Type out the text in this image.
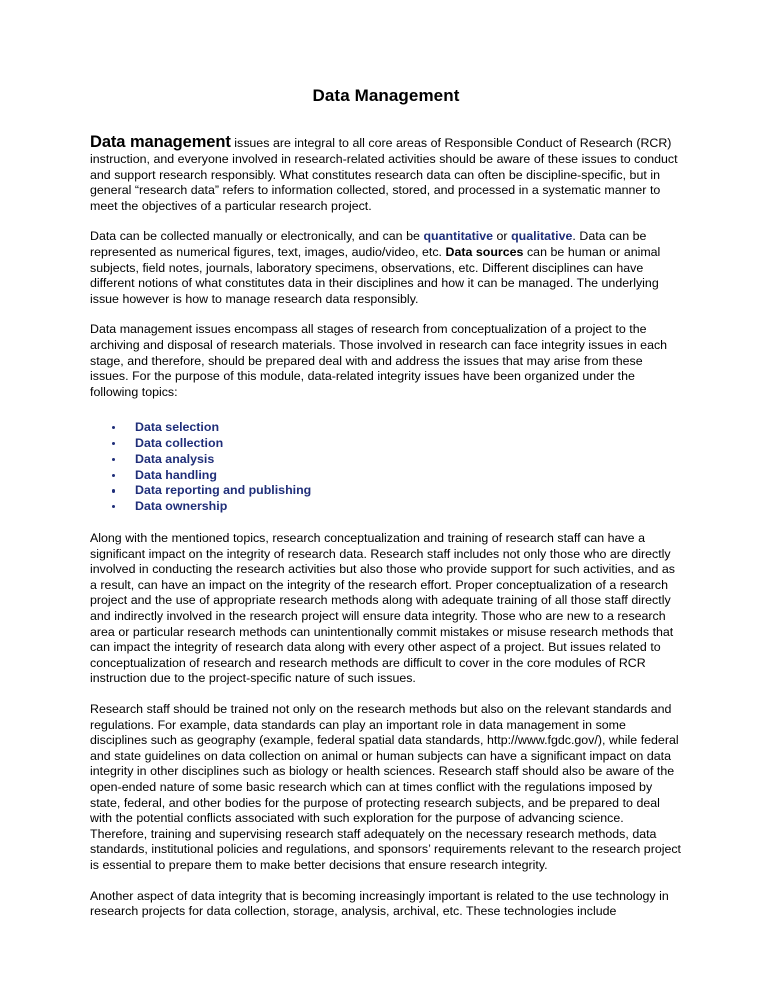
Data Management

Data management issues are integral to all core areas of Responsible Conduct of Research (RCR) instruction, and everyone involved in research-related activities should be aware of these issues to conduct and support research responsibly. What constitutes research data can often be discipline-specific, but in general “research data” refers to information collected, stored, and processed in a systematic manner to meet the objectives of a particular research project.

Data can be collected manually or electronically, and can be quantitative or qualitative. Data can be represented as numerical figures, text, images, audio/video, etc. Data sources can be human or animal subjects, field notes, journals, laboratory specimens, observations, etc. Different disciplines can have different notions of what constitutes data in their disciplines and how it can be managed. The underlying issue however is how to manage research data responsibly.

Data management issues encompass all stages of research from conceptualization of a project to the archiving and disposal of research materials. Those involved in research can face integrity issues in each stage, and therefore, should be prepared deal with and address the issues that may arise from these issues. For the purpose of this module, data-related integrity issues have been organized under the following topics:

Data selection
Data collection
Data analysis
Data handling
Data reporting and publishing
Data ownership

Along with the mentioned topics, research conceptualization and training of research staff can have a significant impact on the integrity of research data. Research staff includes not only those who are directly involved in conducting the research activities but also those who provide support for such activities, and as a result, can have an impact on the integrity of the research effort. Proper conceptualization of a research project and the use of appropriate research methods along with adequate training of all those staff directly and indirectly involved in the research project will ensure data integrity. Those who are new to a research area or particular research methods can unintentionally commit mistakes or misuse research methods that can impact the integrity of research data along with every other aspect of a project. But issues related to conceptualization of research and research methods are difficult to cover in the core modules of RCR instruction due to the project-specific nature of such issues.

Research staff should be trained not only on the research methods but also on the relevant standards and regulations. For example, data standards can play an important role in data management in some disciplines such as geography (example, federal spatial data standards, http://www.fgdc.gov/), while federal and state guidelines on data collection on animal or human subjects can have a significant impact on data integrity in other disciplines such as biology or health sciences. Research staff should also be aware of the open-ended nature of some basic research which can at times conflict with the regulations imposed by state, federal, and other bodies for the purpose of protecting research subjects, and be prepared to deal with the potential conflicts associated with such exploration for the purpose of advancing science. Therefore, training and supervising research staff adequately on the necessary research methods, data standards, institutional policies and regulations, and sponsors’ requirements relevant to the research project is essential to prepare them to make better decisions that ensure research integrity.

Another aspect of data integrity that is becoming increasingly important is related to the use technology in research projects for data collection, storage, analysis, archival, etc. These technologies include
